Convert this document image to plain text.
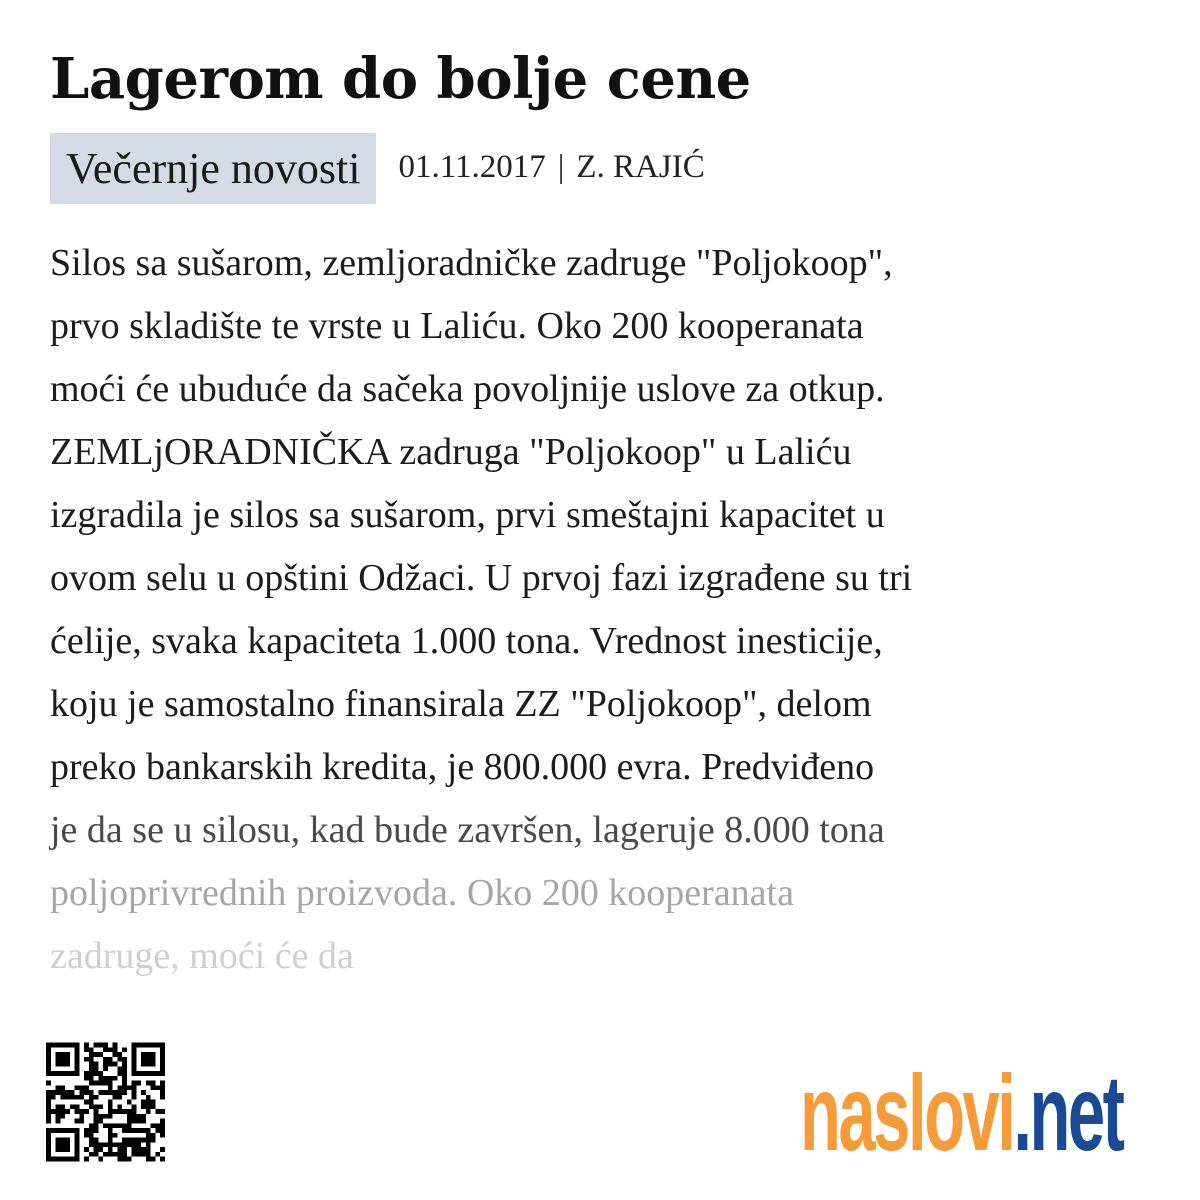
Lagerom do bolje cene
Večernje novosti	01.11.2017 | Z. RAJIĆ
Silos sa sušarom, zemljoradničke zadruge "Poljokoop",
prvo skladište te vrste u Laliću. Oko 200 kooperanata
moći će ubuduće da sačeka povoljnije uslove za otkup.
ZEMLjORADNIČKA zadruga "Poljokoop" u Laliću
izgradila je silos sa sušarom, prvi smeštajni kapacitet u
ovom selu u opštini Odžaci. U prvoj fazi izgrađene su tri
ćelije, svaka kapaciteta 1.000 tona. Vrednost inesticije,
koju je samostalno finansirala ZZ "Poljokoop", delom
preko bankarskih kredita, je 800.000 evra. Predviđeno
je da se u silosu, kad bude završen, lageruje 8.000 tona
poljoprivrednih proizvoda. Oko 200 kooperanata
zadruge, moći će da
naslovi.net
